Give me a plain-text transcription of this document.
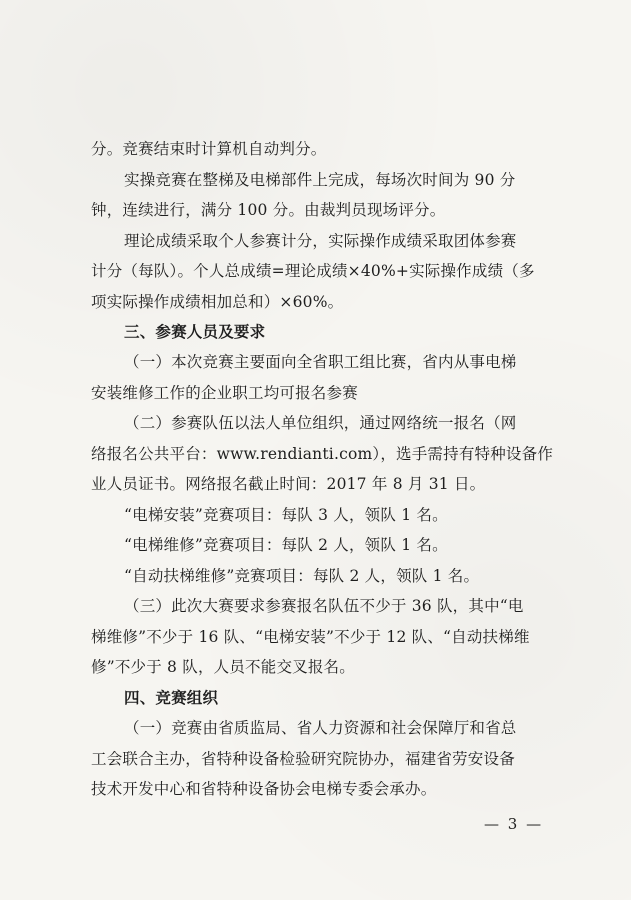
分。竞赛结束时计算机自动判分。
实操竞赛在整梯及电梯部件上完成，每场次时间为 90 分
钟，连续进行，满分 100 分。由裁判员现场评分。
理论成绩采取个人参赛计分，实际操作成绩采取团体参赛
计分（每队）。个人总成绩=理论成绩×40%+实际操作成绩（多
项实际操作成绩相加总和）×60%。
三、参赛人员及要求
（一）本次竞赛主要面向全省职工组比赛，省内从事电梯
安装维修工作的企业职工均可报名参赛
（二）参赛队伍以法人单位组织，通过网络统一报名（网
络报名公共平台：www.rendianti.com），选手需持有特种设备作
业人员证书。网络报名截止时间：2017 年 8 月 31 日。
“电梯安装”竞赛项目：每队 3 人，领队 1 名。
“电梯维修”竞赛项目：每队 2 人，领队 1 名。
“自动扶梯维修”竞赛项目：每队 2 人，领队 1 名。
（三）此次大赛要求参赛报名队伍不少于 36 队，其中“电
梯维修”不少于 16 队、“电梯安装”不少于 12 队、“自动扶梯维
修”不少于 8 队，人员不能交叉报名。
四、竞赛组织
（一）竞赛由省质监局、省人力资源和社会保障厅和省总
工会联合主办，省特种设备检验研究院协办，福建省劳安设备
技术开发中心和省特种设备协会电梯专委会承办。
— 3 —
